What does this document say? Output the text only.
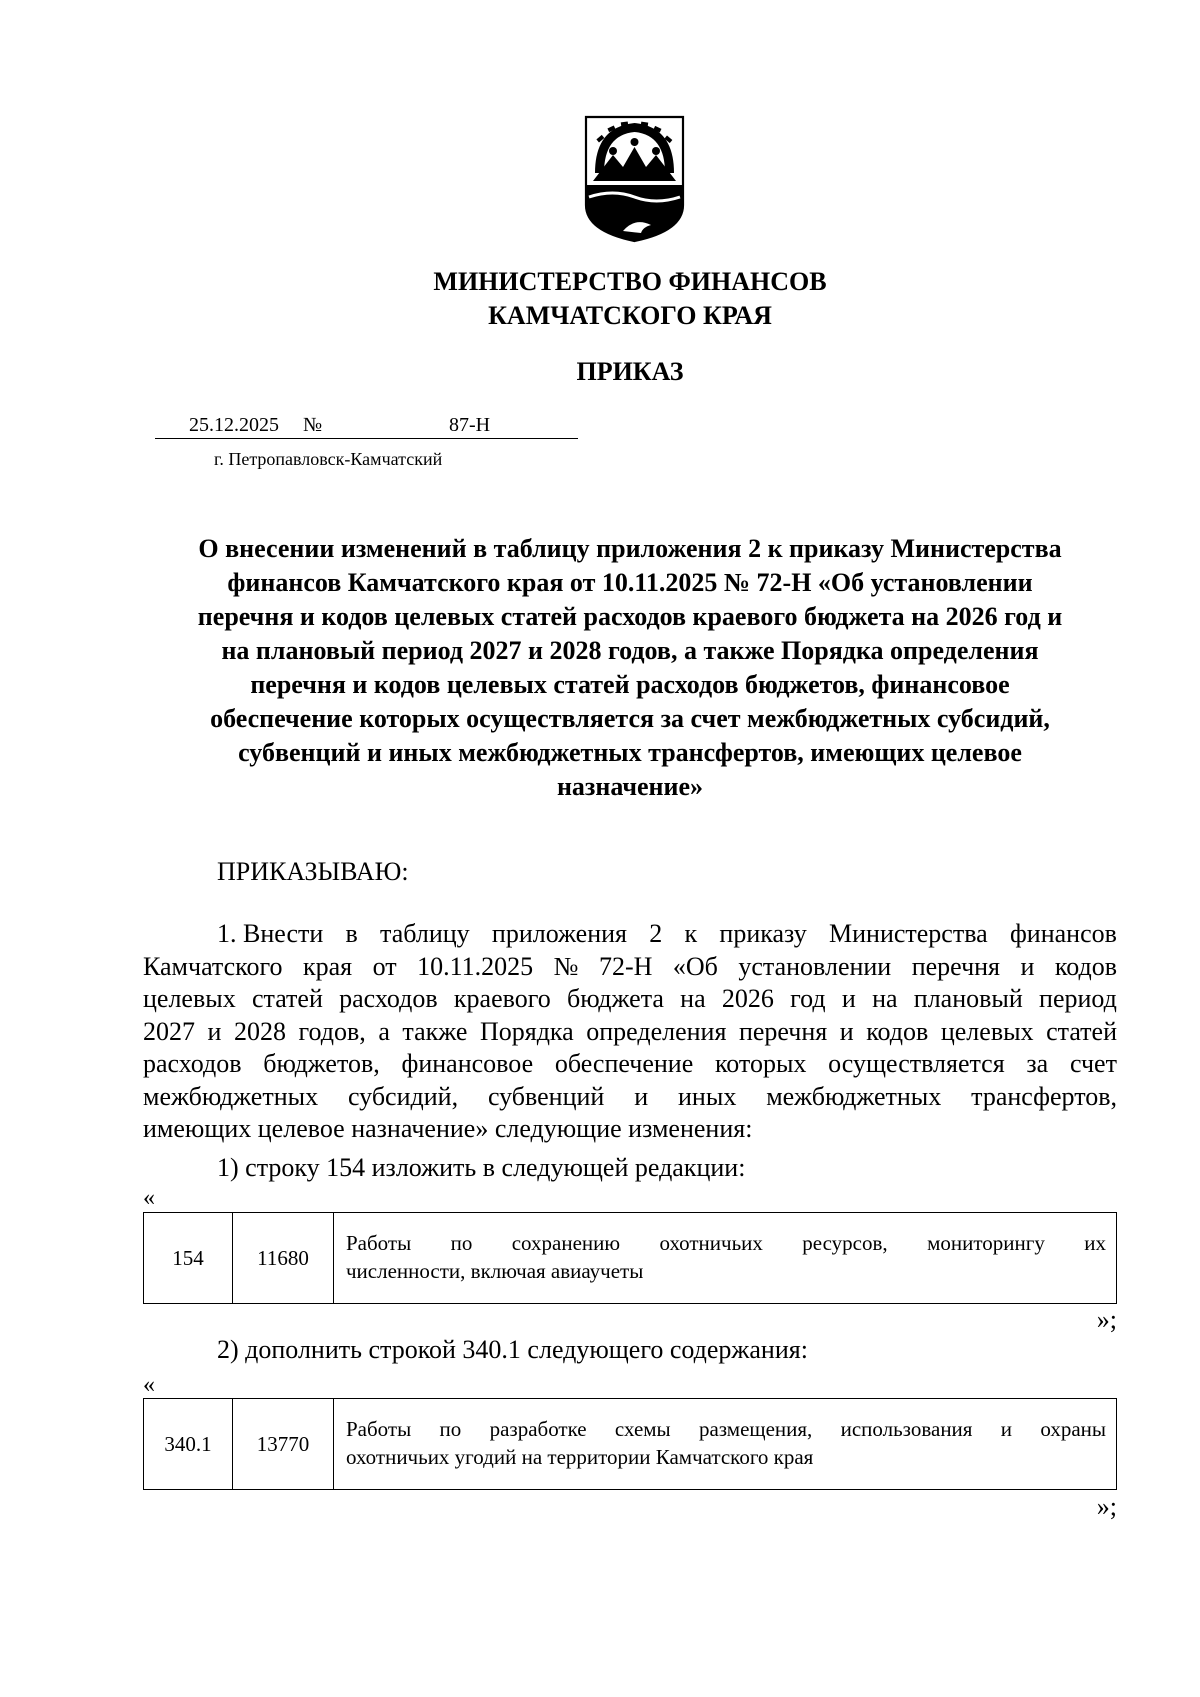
МИНИСТЕРСТВО ФИНАНСОВ
КАМЧАТСКОГО КРАЯ
ПРИКАЗ
25.12.2025 №	87-Н
г. Петропавловск-Камчатский
О внесении изменений в таблицу приложения 2 к приказу Министерства
финансов Камчатского края от 10.11.2025 № 72-Н «Об установлении
перечня и кодов целевых статей расходов краевого бюджета на 2026 год и
на плановый период 2027 и 2028 годов, а также Порядка определения
перечня и кодов целевых статей расходов бюджетов, финансовое
обеспечение которых осуществляется за счет межбюджетных субсидий,
субвенций и иных межбюджетных трансфертов, имеющих целевое
назначение»
ПРИКАЗЫВАЮ:
1. Внести в таблицу приложения 2 к приказу Министерства финансов
Камчатского края от 10.11.2025 № 72-Н «Об установлении перечня и кодов
целевых статей расходов краевого бюджета на 2026 год и на плановый период
2027 и 2028 годов, а также Порядка определения перечня и кодов целевых статей
расходов бюджетов, финансовое обеспечение которых осуществляется за счет
межбюджетных субсидий, субвенций и иных межбюджетных трансфертов,
имеющих целевое назначение» следующие изменения:
1) строку 154 изложить в следующей редакции:
«
154	11680	
Работы по сохранению охотничьих ресурсов, мониторингу их
численности, включая авиаучеты
»;
2) дополнить строкой 340.1 следующего содержания:
«
340.1	13770	
Работы по разработке схемы размещения, использования и охраны
охотничьих угодий на территории Камчатского края
»;
